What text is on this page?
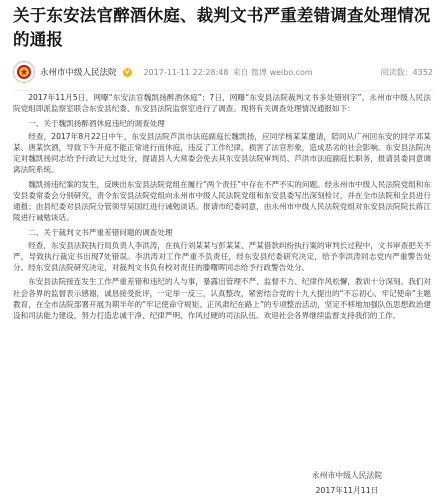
关于东安法官醉酒休庭、裁判文书严重差错调查处理情况的通报
永州市中级人民法院	V 2017-11-11 22:28:48 来自 微博 weibo.com	阅读数：4352

2017年11月5日，网曝“东安法官魏凯扬醉酒休庭”；7日，网曝“东安县法院裁判文书多处错别字”。永州市中级人民法院党组即派监察室联合东安县纪委、东安县法院监察室进行了调查。现将有关调查处理情况通报如下：

一、关于魏凯扬醉酒休庭违纪的调查处理

经查，2017年8月22日中午，东安县法院芦洪市法庭副庭长魏凯扬，应同学杨某某邀请，陪同从广州回东安的同学邓某某、唐某饮酒，导致下午开庭不能正常进行而休庭，违反了工作纪律，损害了法官形象，造成恶劣的社会影响。东安县法院决定对魏凯扬同志给予行政记大过处分，提请县人大常委会免去其东安县法院审判员、芦洪市法庭副庭长职务，报请县委同意调离法院系统。

魏凯扬违纪案的发生，反映出东安县法院党组在履行“两个责任”中存在不严不实的问题。经永州市中级人民法院党组和东安县委常委会分别研究，责令东安县法院党组向永州市中级人民法院党组和东安县委写出深刻检讨，并在全市法院和全县进行通报；由县纪委对县法院分管领导吴国红进行诫勉谈话。报请市纪委同意，由永州市中级人民法院党组对东安县法院院长蒋江陵进行诫勉谈话。

二、关于裁判文书严重差错问题的调查处理

经查，东安县法院执行局负责人李洪涛，在执行刘某某与彭某某、严某借款纠纷执行案的审判长过程中，文书审查把关不严，导致执行裁定书出现7处错误。李洪涛对工作严重不负责任，经东安县纪委研究决定，给予李洪涛同志党内严重警告处分。经东安县法院研究决定，对裁判文书负有校对责任的滕曙晖同志给予行政警告处分。

东安县法院接连发生工作严重差错和违纪的人与事，暴露出管理不严、监督不力、纪律作风松懈，教训十分深刻。我们对社会各界的监督表示感谢，诚恳接受批评，一定举一反三，认真整改，紧密结合党的十九大提出的“不忘初心、牢记使命”主题教育，在全市法院部署开展为期半年的“牢记使命守规矩、正风肃纪在路上”的专项整治活动，坚定不移地加强队伍思想政治建设和司法能力建设，努力打造忠诚干净、纪律严明、作风过硬的司法队伍。欢迎社会各界继续监督支持我们的工作。

永州市中级人民法院
2017年11月11日
